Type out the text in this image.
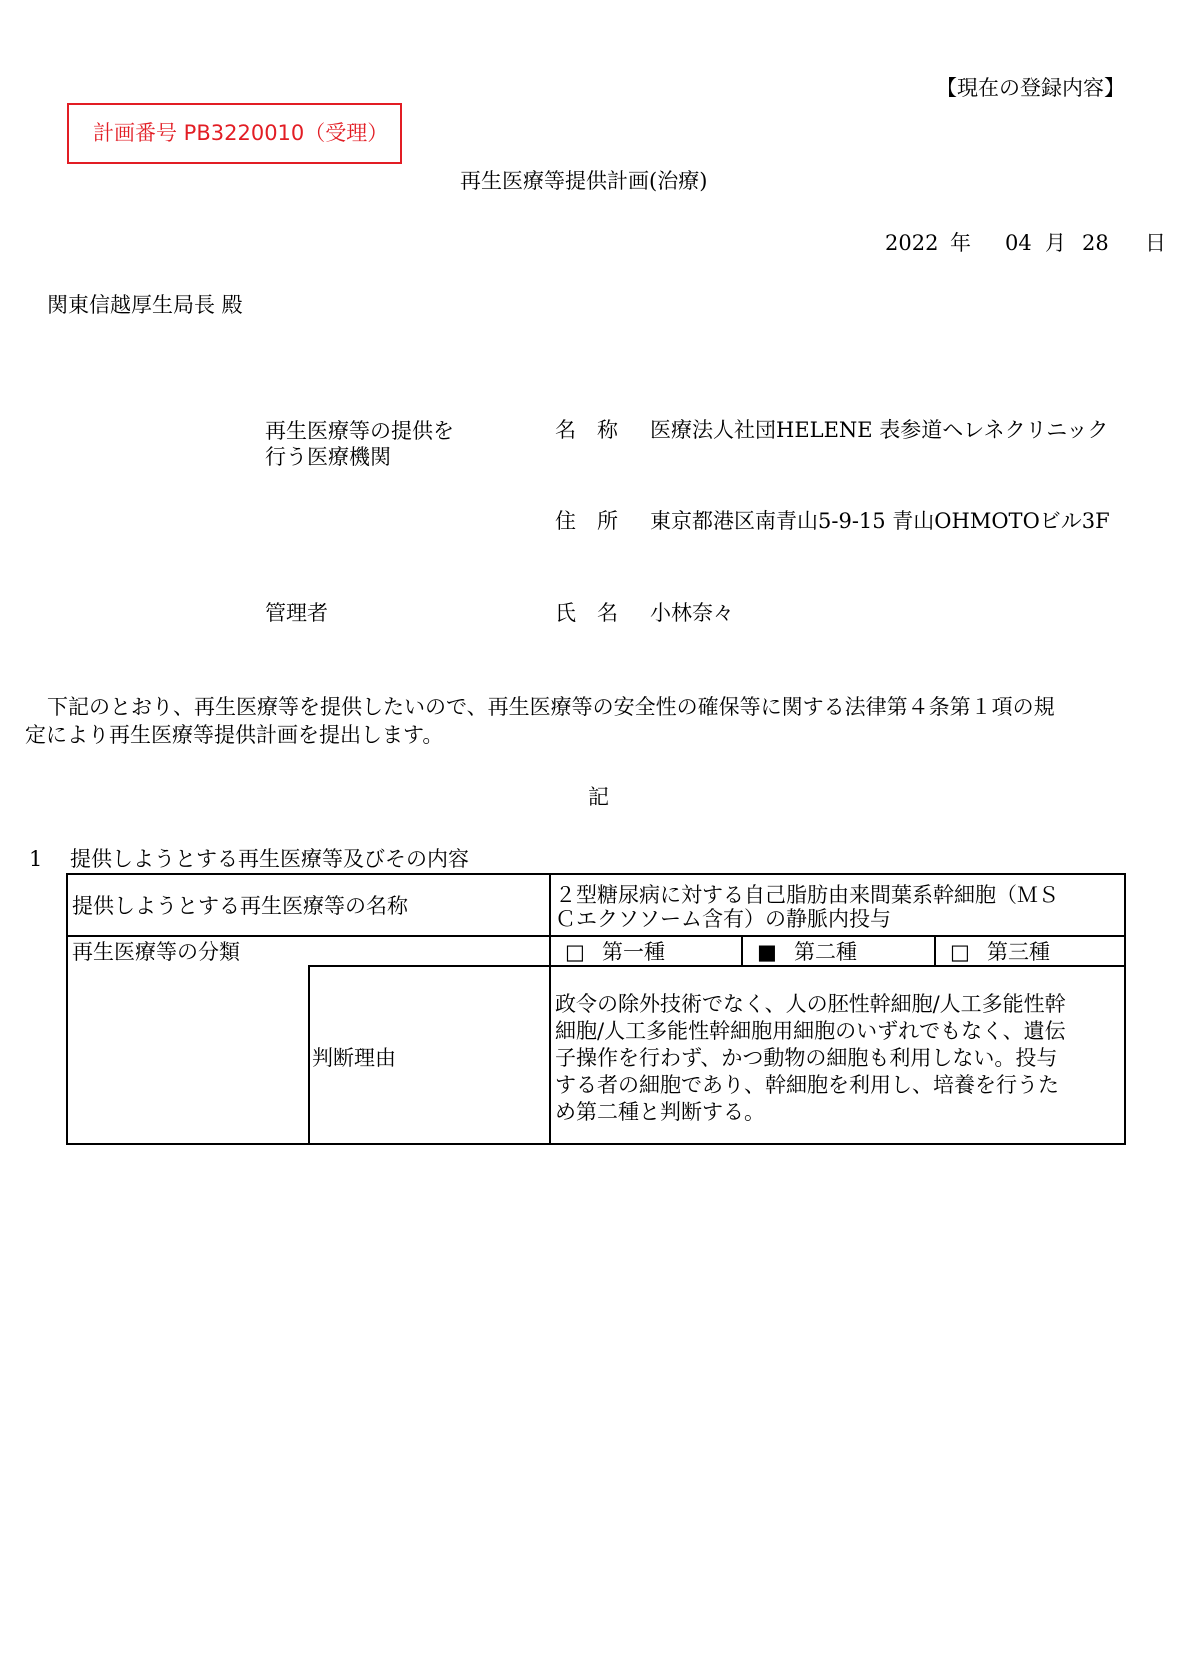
【現在の登録内容】
計画番号 PB3220010（受理）
再生医療等提供計画(治療)
2022 年 04 月 28 日
関東信越厚生局長 殿
再生医療等の提供を
行う医療機関
名　称 医療法人社団HELENE 表参道ヘレネクリニック
住　所 東京都港区南青山5-9-15 青山OHMOTOビル3F
管理者	氏　名 小林奈々
下記のとおり、再生医療等を提供したいので、再生医療等の安全性の確保等に関する法律第４条第１項の規
定により再生医療等提供計画を提出します。
記
1 提供しようとする再生医療等及びその内容
提供しようとする再生医療等の名称	２型糖尿病に対する自己脂肪由来間葉系幹細胞（ＭＳ
Ｃエクソソーム含有）の静脈内投与
再生医療等の分類	□ 第一種	■ 第二種	□ 第三種
判断理由
政令の除外技術でなく、人の胚性幹細胞/人工多能性幹
細胞/人工多能性幹細胞用細胞のいずれでもなく、遺伝
子操作を行わず、かつ動物の細胞も利用しない。投与
する者の細胞であり、幹細胞を利用し、培養を行うた
め第二種と判断する。
